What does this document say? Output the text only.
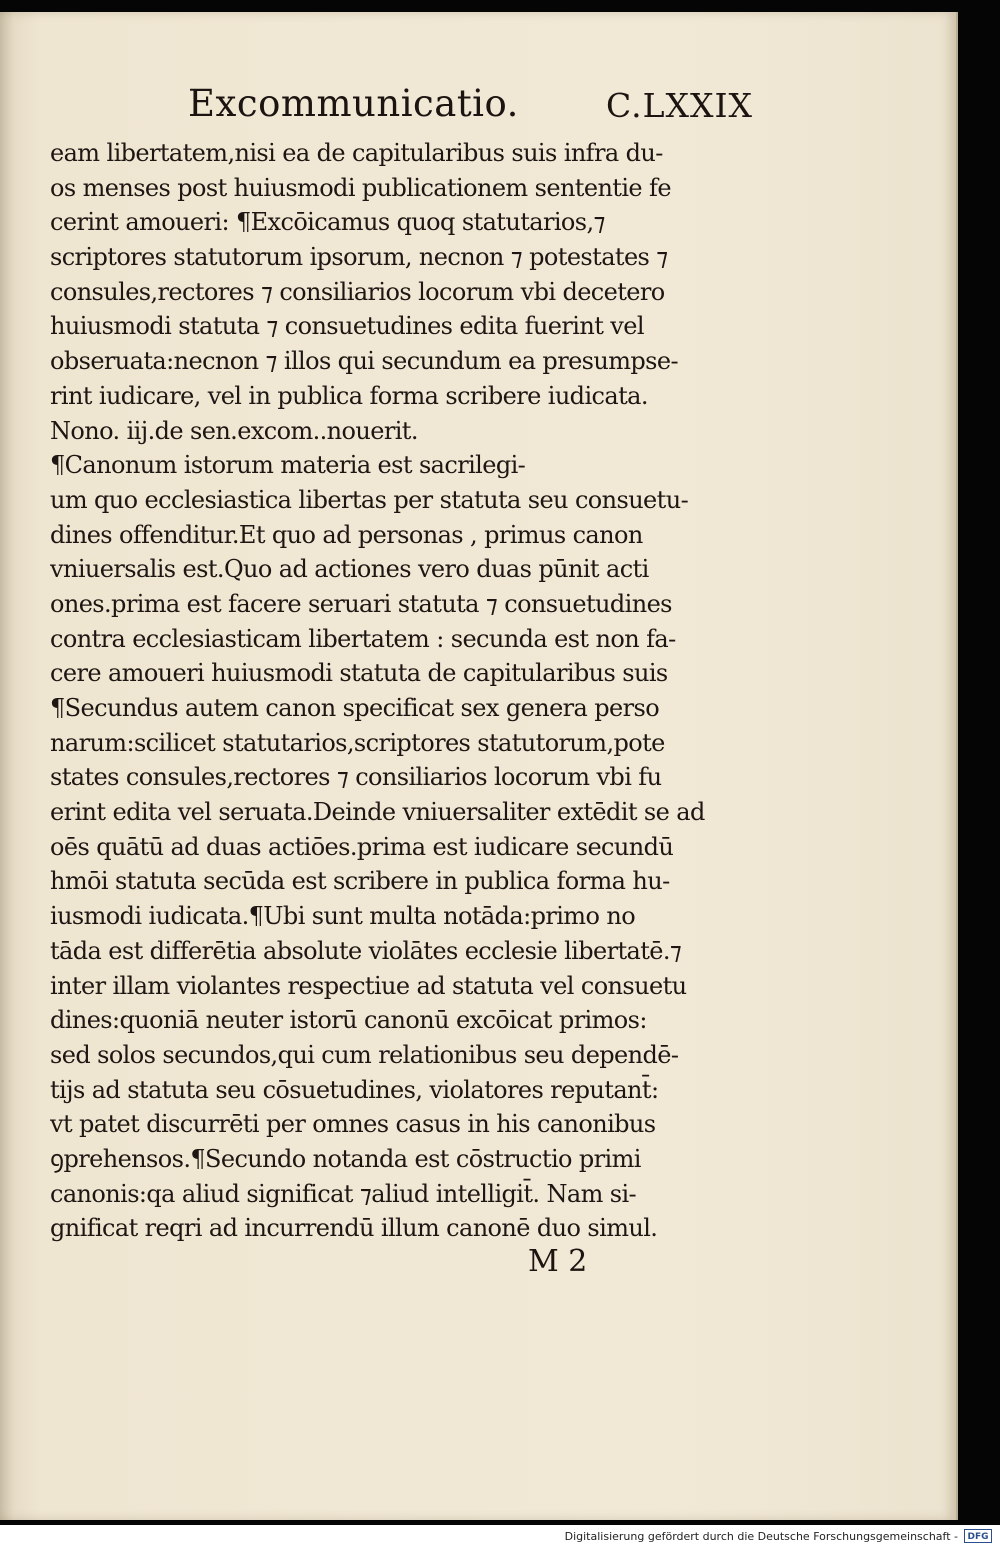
Excommunicatio.	C.LXXIX
eam libertatem,nisi ea de capitularibus suis infra du-
os menses post huiusmodi publicationem sententie fe
cerint amoueri: ¶Excōicamus quoq statutarios,⁊
scriptores statutorum ipsorum, necnon ⁊ potestates ⁊
consules,rectores ⁊ consiliarios locorum vbi decetero
huiusmodi statuta ⁊ consuetudines edita fuerint vel
obseruata:necnon ⁊ illos qui secundum ea presumpse-
rint iudicare, vel in publica forma scribere iudicata.
Nono. iij.de sen.excom..nouerit.
¶Canonum istorum materia est sacrilegi-
um quo ecclesiastica libertas per statuta seu consuetu-
dines offenditur.Et quo ad personas , primus canon
vniuersalis est.Quo ad actiones vero duas pūnit acti
ones.prima est facere seruari statuta ⁊ consuetudines
contra ecclesiasticam libertatem : secunda est non fa-
cere amoueri huiusmodi statuta de capitularibus suis
¶Secundus autem canon specificat sex genera perso
narum:scilicet statutarios,scriptores statutorum,pote
states consules,rectores ⁊ consiliarios locorum vbi fu
erint edita vel seruata.Deinde vniuersaliter extēdit se ad
oēs quātū ad duas actiōes.prima est iudicare secundū
hmōi statuta secūda est scribere in publica forma hu-
iusmodi iudicata.¶Ubi sunt multa notāda:primo no
tāda est differētia absolute violātes ecclesie libertatē.⁊
inter illam violantes respectiue ad statuta vel consuetu
dines:quoniā neuter istorū canonū excōicat primos:
sed solos secundos,qui cum relationibus seu dependē-
tijs ad statuta seu cōsuetudines, violatores reputant̄:
vt patet discurrēti per omnes casus in his canonibus
ꝯprehensos.¶Secundo notanda est cōstructio primi
canonis:qa aliud significat ⁊aliud intelligit̄. Nam si-
gnificat reqri ad incurrendū illum canonē duo simul.
M 2
Digitalisierung gefördert durch die Deutsche Forschungsgemeinschaft -	DFG
